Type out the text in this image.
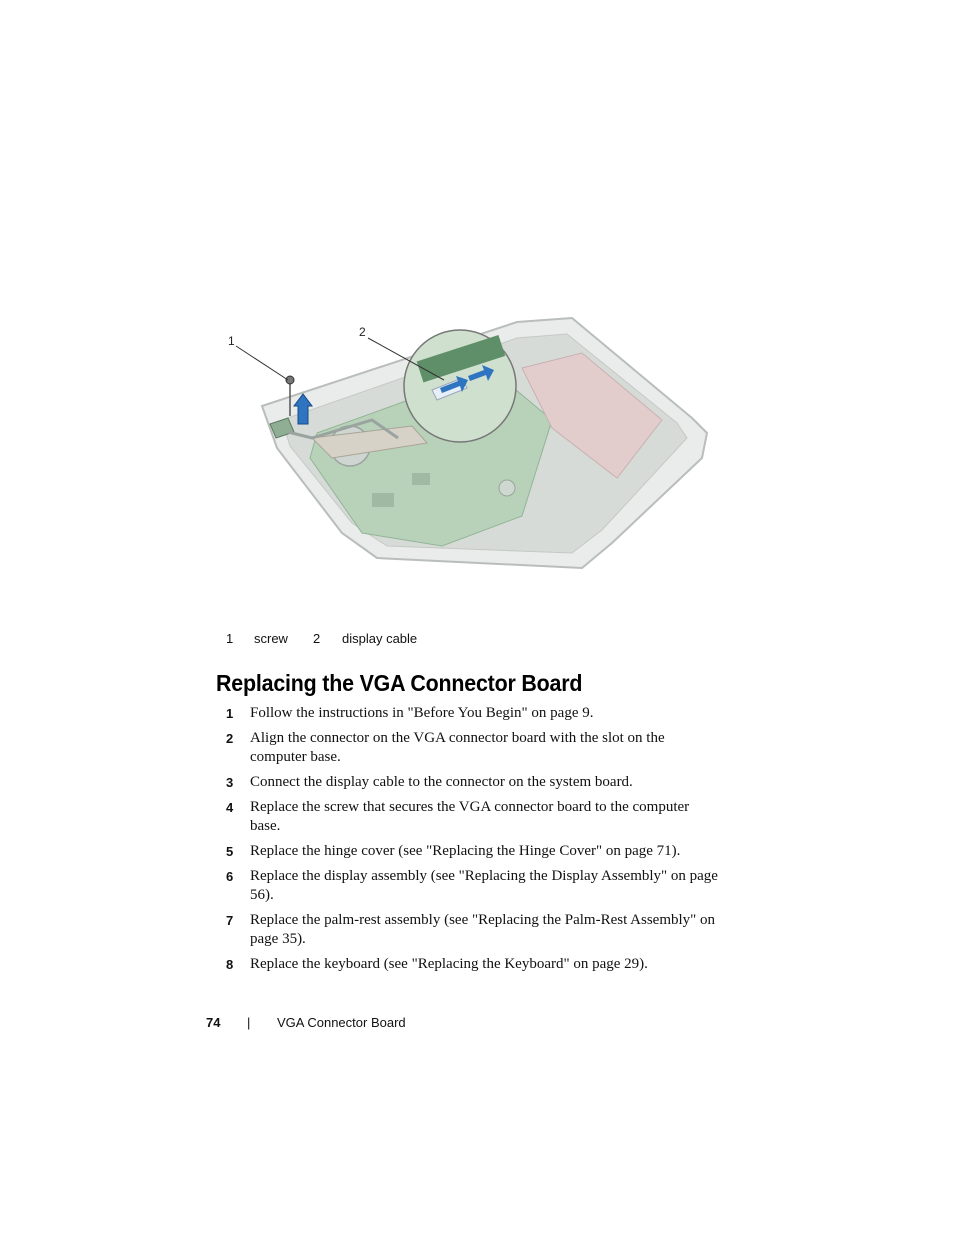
1
2
1 screw 2 display cable
Replacing the VGA Connector Board
1 Follow the instructions in "Before You Begin" on page 9.
2 Align the connector on the VGA connector board with the slot on the computer base.
3 Connect the display cable to the connector on the system board.
4 Replace the screw that secures the VGA connector board to the computer base.
5 Replace the hinge cover (see "Replacing the Hinge Cover" on page 71).
6 Replace the display assembly (see "Replacing the Display Assembly" on page 56).
7 Replace the palm-rest assembly (see "Replacing the Palm-Rest Assembly" on page 35).
8 Replace the keyboard (see "Replacing the Keyboard" on page 29).
74 | VGA Connector Board
